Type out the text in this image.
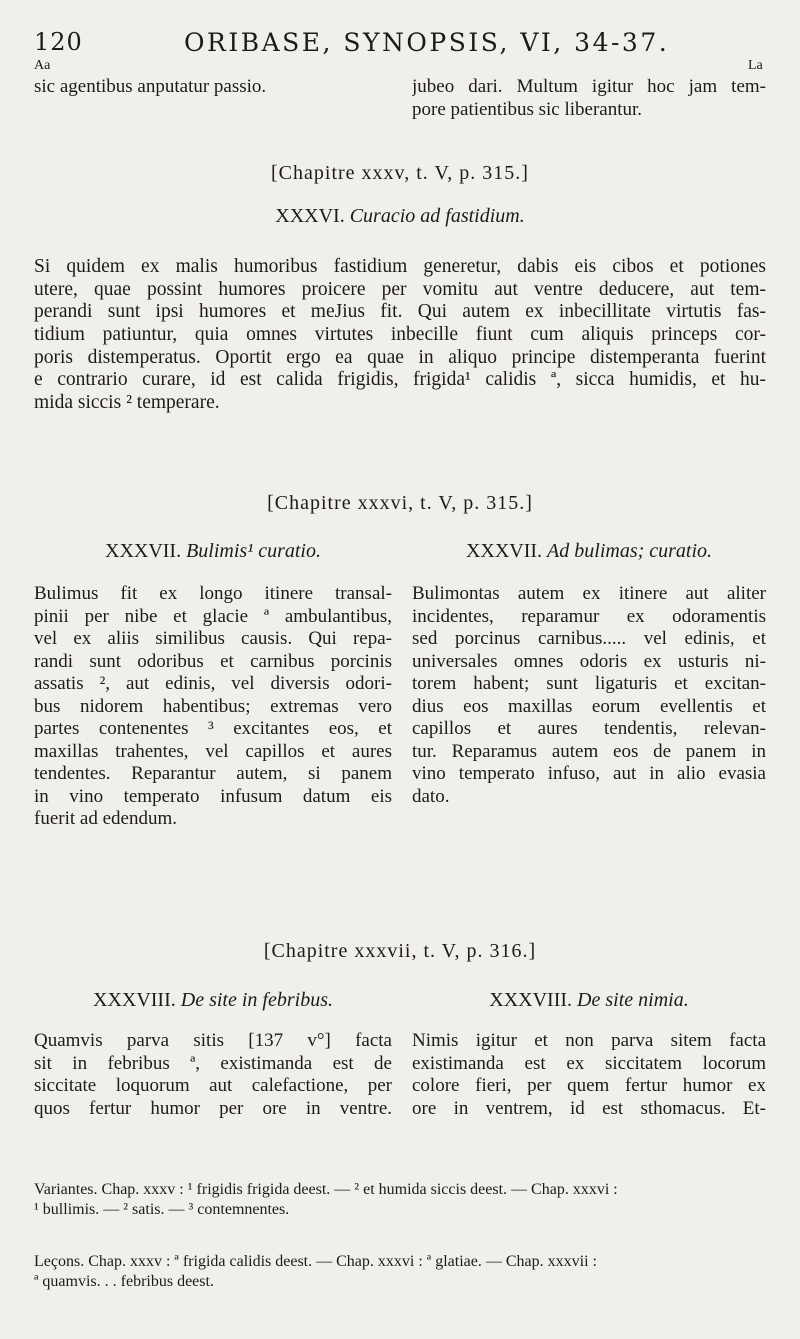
120	ORIBASE, SYNOPSIS, VI, 34-37.
Aa	La
sic agentibus anputatur passio.	jubeo dari. Multum igitur hoc jam tem-
pore patientibus sic liberantur.
[Chapitre xxxv, t. V, p. 315.]
XXXVI. Curacio ad fastidium.
Si quidem ex malis humoribus fastidium generetur, dabis eis cibos et potiones
utere, quae possint humores proicere per vomitu aut ventre deducere, aut tem-
perandi sunt ipsi humores et meJius fit. Qui autem ex inbecillitate virtutis fas-
tidium patiuntur, quia omnes virtutes inbecille fiunt cum aliquis princeps cor-
poris distemperatus. Oportit ergo ea quae in aliquo principe distemperanta fuerint
e contrario curare, id est calida frigidis, frigida¹ calidis ª, sicca humidis, et hu-
mida siccis ² temperare.
[Chapitre xxxvi, t. V, p. 315.]
XXXVII. Bulimis¹ curatio.	XXXVII. Ad bulimas; curatio.
Bulimus fit ex longo itinere transal-
pinii per nibe et glacie ª ambulantibus,
vel ex aliis similibus causis. Qui repa-
randi sunt odoribus et carnibus porcinis
assatis ², aut edinis, vel diversis odori-
bus nidorem habentibus; extremas vero
partes contenentes ³ excitantes eos, et
maxillas trahentes, vel capillos et aures
tendentes. Reparantur autem, si panem
in vino temperato infusum datum eis
fuerit ad edendum.
Bulimontas autem ex itinere aut aliter
incidentes, reparamur ex odoramentis
sed porcinus carnibus..... vel edinis, et
universales omnes odoris ex usturis ni-
torem habent; sunt ligaturis et excitan-
dius eos maxillas eorum evellentis et
capillos et aures tendentis, relevan-
tur. Reparamus autem eos de panem in
vino temperato infuso, aut in alio evasia
dato.
[Chapitre xxxvii, t. V, p. 316.]
XXXVIII. De site in febribus.	XXXVIII. De site nimia.
Quamvis parva sitis [137 v°] facta
sit in febribus ª, existimanda est de
siccitate loquorum aut calefactione, per
quos fertur humor per ore in ventre.
Nimis igitur et non parva sitem facta
existimanda est ex siccitatem locorum
colore fieri, per quem fertur humor ex
ore in ventrem, id est sthomacus. Et-
Variantes. Chap. xxxv : ¹ frigidis frigida deest. — ² et humida siccis deest. — Chap. xxxvi :
¹ bullimis. — ² satis. — ³ contemnentes.
Leçons. Chap. xxxv : ª frigida calidis deest. — Chap. xxxvi : ª glatiae. — Chap. xxxvii :
ª quamvis. . . febribus deest.
